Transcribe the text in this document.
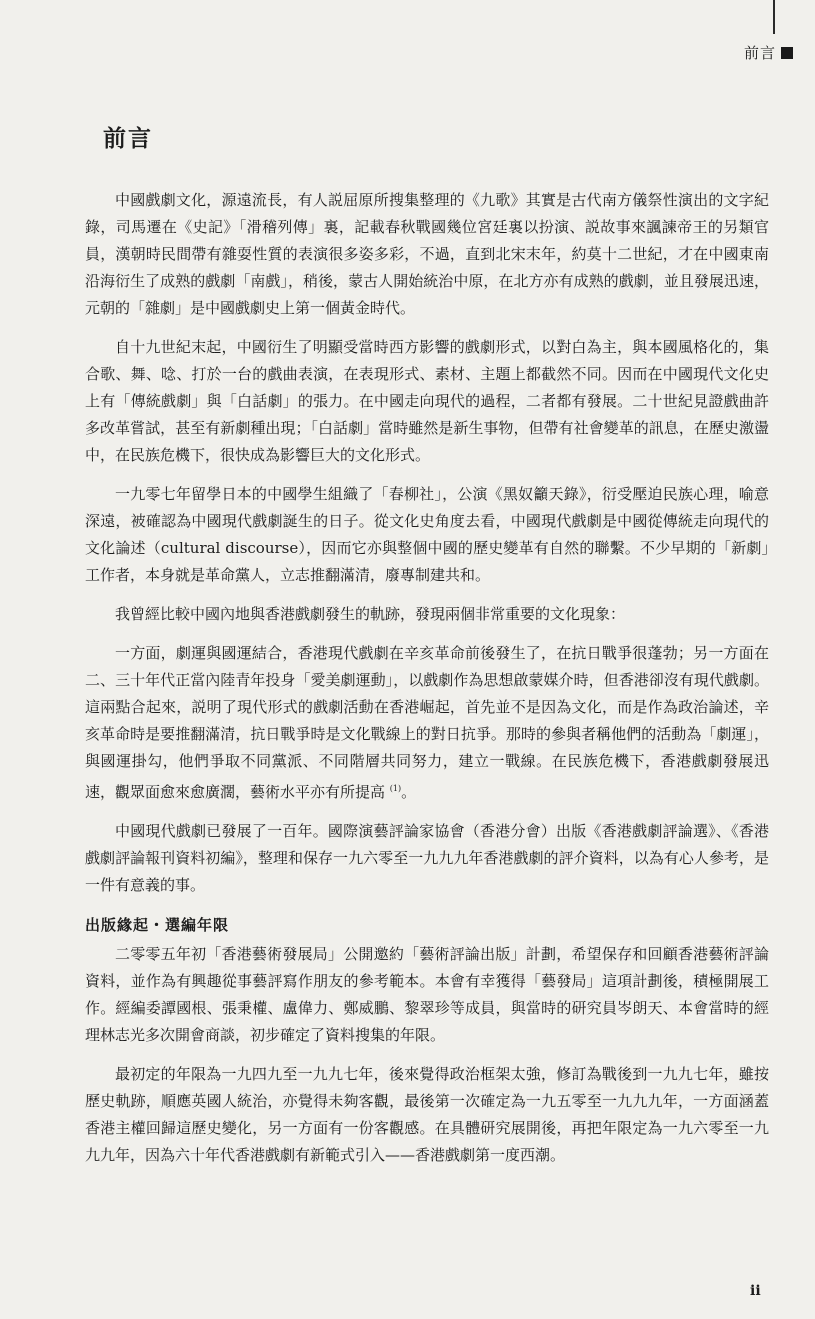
前言
前言

中國戲劇文化，源遠流長，有人説屈原所搜集整理的《九歌》其實是古代南方儀祭性演出的文字紀錄，司馬遷在《史記》「滑稽列傳」裏，記載春秋戰國幾位宮廷裏以扮演、説故事來諷諫帝王的另類官員，漢朝時民間帶有雜耍性質的表演很多姿多彩，不過，直到北宋末年，約莫十二世紀，才在中國東南沿海衍生了成熟的戲劇「南戲」，稍後，蒙古人開始統治中原，在北方亦有成熟的戲劇，並且發展迅速，元朝的「雜劇」是中國戲劇史上第一個黃金時代。

自十九世紀末起，中國衍生了明顯受當時西方影響的戲劇形式，以對白為主，與本國風格化的，集合歌、舞、唸、打於一台的戲曲表演，在表現形式、素材、主題上都截然不同。因而在中國現代文化史上有「傳統戲劇」與「白話劇」的張力。在中國走向現代的過程，二者都有發展。二十世紀見證戲曲許多改革嘗試，甚至有新劇種出現；「白話劇」當時雖然是新生事物，但帶有社會變革的訊息，在歷史激盪中，在民族危機下，很快成為影響巨大的文化形式。

一九零七年留學日本的中國學生組織了「春柳社」，公演《黑奴籲天錄》，衍受壓迫民族心理，喻意深遠，被確認為中國現代戲劇誕生的日子。從文化史角度去看，中國現代戲劇是中國從傳統走向現代的文化論述（cultural discourse），因而它亦與整個中國的歷史變革有自然的聯繫。不少早期的「新劇」工作者，本身就是革命黨人，立志推翻滿清，廢專制建共和。

我曾經比較中國內地與香港戲劇發生的軌跡，發現兩個非常重要的文化現象：

一方面，劇運與國運結合，香港現代戲劇在辛亥革命前後發生了，在抗日戰爭很蓬勃；另一方面在二、三十年代正當內陸青年投身「愛美劇運動」，以戲劇作為思想啟蒙媒介時，但香港卻沒有現代戲劇。這兩點合起來，説明了現代形式的戲劇活動在香港崛起，首先並不是因為文化，而是作為政治論述，辛亥革命時是要推翻滿清，抗日戰爭時是文化戰線上的對日抗爭。那時的參與者稱他們的活動為「劇運」，與國運掛勾，他們爭取不同黨派、不同階層共同努力，建立一戰線。在民族危機下，香港戲劇發展迅速，觀眾面愈來愈廣濶，藝術水平亦有所提高 $^{(1)}$。

中國現代戲劇已發展了一百年。國際演藝評論家協會（香港分會）出版《香港戲劇評論選》、《香港戲劇評論報刊資料初編》，整理和保存一九六零至一九九九年香港戲劇的評介資料，以為有心人參考，是一件有意義的事。

出版緣起・選編年限

二零零五年初「香港藝術發展局」公開邀約「藝術評論出版」計劃，希望保存和回顧香港藝術評論資料，並作為有興趣從事藝評寫作朋友的參考範本。本會有幸獲得「藝發局」這項計劃後，積極開展工作。經編委譚國根、張秉權、盧偉力、鄭威鵬、黎翠珍等成員，與當時的研究員岑朗天、本會當時的經理林志光多次開會商談，初步確定了資料搜集的年限。

最初定的年限為一九四九至一九九七年，後來覺得政治框架太強，修訂為戰後到一九九七年，雖按歷史軌跡，順應英國人統治，亦覺得未夠客觀，最後第一次確定為一九五零至一九九九年，一方面涵蓋香港主權回歸這歷史變化，另一方面有一份客觀感。在具體研究展開後，再把年限定為一九六零至一九九九年，因為六十年代香港戲劇有新範式引入——香港戲劇第一度西潮。

ii
